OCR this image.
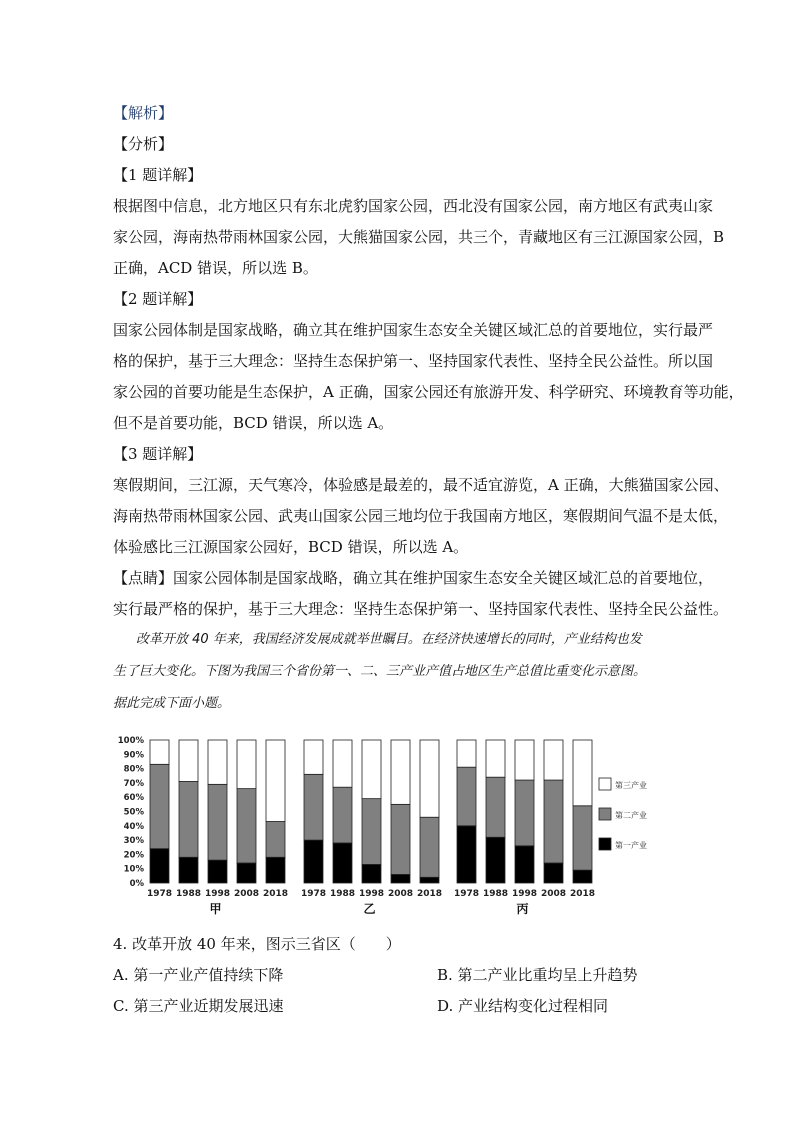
【解析】
【分析】
【1 题详解】
根据图中信息，北方地区只有东北虎豹国家公园，西北没有国家公园，南方地区有武夷山家
家公园，海南热带雨林国家公园，大熊猫国家公园，共三个，青藏地区有三江源国家公园，B
正确，ACD 错误，所以选 B。
【2 题详解】
国家公园体制是国家战略，确立其在维护国家生态安全关键区域汇总的首要地位，实行最严
格的保护，基于三大理念：坚持生态保护第一、坚持国家代表性、坚持全民公益性。所以国
家公园的首要功能是生态保护，A 正确，国家公园还有旅游开发、科学研究、环境教育等功能，
但不是首要功能，BCD 错误，所以选 A。
【3 题详解】
寒假期间，三江源，天气寒冷，体验感是最差的，最不适宜游览，A 正确，大熊猫国家公园、
海南热带雨林国家公园、武夷山国家公园三地均位于我国南方地区，寒假期间气温不是太低，
体验感比三江源国家公园好，BCD 错误，所以选 A。
【点睛】国家公园体制是国家战略，确立其在维护国家生态安全关键区域汇总的首要地位，
实行最严格的保护，基于三大理念：坚持生态保护第一、坚持国家代表性、坚持全民公益性。
改革开放 40 年来，我国经济发展成就举世瞩目。在经济快速增长的同时，产业结构也发
生了巨大变化。下图为我国三个省份第一、二、三产业产值占地区生产总值比重变化示意图。
据此完成下面小题。
0%
10%
20%
30%
40%
50%
60%
70%
80%
90%
100%
1978 1988 1998 2008 2018
甲
1978 1988 1998 2008 2018
乙
1978 1988 1998 2008 2018
丙
第三产业
第二产业
第一产业
4. 改革开放 40 年来，图示三省区（　　）
A. 第一产业产值持续下降	B. 第二产业比重均呈上升趋势
C. 第三产业近期发展迅速	D. 产业结构变化过程相同
